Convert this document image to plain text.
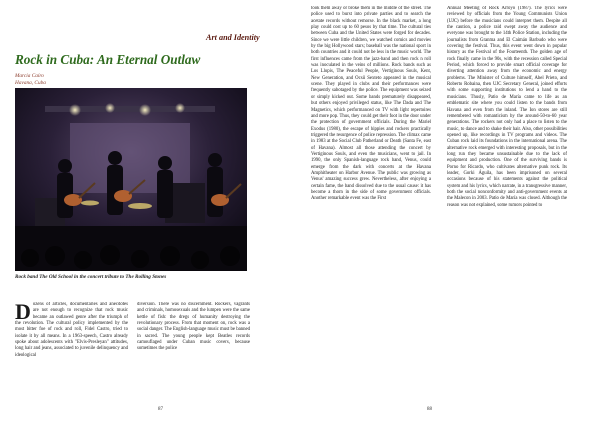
Art and Identity
Rock in Cuba: An Eternal Outlaw
Marcia Caíro
Havana, Cuba
Rock band The Old School in the concert tribute to The Rolling Stones
D ozens of articles, documentaries and anecdotes are not enough to recognize that rock music became an outlawed genre after the triumph of the revolution. The cultural policy implemented by the most bitter foe of rock and roll, Fidel Castro, tried to isolate it by all means. In a 1963-speech, Castro already spoke about adolescents with "Elvis-Presleyan" attitudes, long hair and jeans, associated to juvenile delinquency and ideological

diversion. There was no discernment. Rockers, vagrants and criminals, homosexuals and the lumpen were the same kettle of fish: the dregs of humanity destroying the revolutionary process. From that moment on, rock was a social danger. The English-language music must be banned in sacred. The young people kept Beatles records camouflaged under Cuban music covers, because sometimes the police

87

took them away or broke them in the middle of the street. The police used to burst into private parties and to search the acetate records without remorse. In the black market, a long play could cost up to 60 pesos by that time. The cultural ties between Cuba and the United States were forged for decades. Since we were little children, we watched comics and movies by the big Hollywood stars; baseball was the national sport in both countries and it could not be less in the music world. The first influences came from the jazz-band and then rock n roll was inoculated in the veins of millions. Rock bands such as Los Llopis, The Peaceful People, Vertiginous Souls, Kent, New Generation, and Ocsii Sexteto appeared in the musical scene. They played in clubs and their performances were frequently sabotaged by the police. The equipment was seized or simply kicked out. Some bands prematurely disappeared, but others enjoyed privileged status, like The Dada and The Magnetics, which performanced on TV with light repertoires and more pop. Thus, they could get their foot in the door under the protection of government officials. During the Mariel Exodus (1980), the escape of hippies and rockers practically triggered the resurgence of police repression. The climax came in 1983 at the Social Club Patherland or Death (Santa Fe, east of Havana). Almost all those attending the concert by Vertiginous Souls, and even the musicians, went to jail. In 1990, the only Spanish-language rock band, Venus, could emerge from the dark with concerts at the Havana Amphitheater on Harbor Avenue. The public was growing as Venus' amazing success grew. Nevertheless, after enjoying a certain fame, the band dissolved due to the usual cause: it has become a thorn in the side of some government officials. Another remarkable event was the First

Annual Meeting of Rock Arroyo (1987). The lyrics were reviewed by officials from the Young Communists Union (UJC) before the musicians could interpret them. Despite all the caution, a police raid swept away the audience and everyone was brought to the 14th Police Station, including the journalists from Granma and El Caimán Barbudo who were covering the festival. Thus, this event went down in popular history as the Festival of the Fourteenth. The golden age of rock finally came in the 90s, with the recession called Special Period, which forced to provide smart official coverage for diverting attention away from the economic and energy problems. The Minister of Culture himself, Abel Prieto, and Roberto Robaina, then UJC Secretary General, joined efforts with some supporting institutions to lend a hand to the musicians. Thusly, Patio de María came to life as an emblematic site where you could listen to the bands from Havana and even from the inland. The Ion stores are still remembered with romanticism by the around-50-to-60 year generations. The rockers not only had a place to listen to the music, to dance and to shake their hair. Also, other possibilities opened up, like recordings in TV programs and videos. The Cuban rock laid its foundations in the international arena. The alternative rock emerged with interesting proposals, but in the long run they became unsustainable due to the lack of equipment and production. One of the surviving bands is Porno for Ricardo, who cultivates alternative punk rock. Its leader, Gorki Águila, has been imprisoned on several occasions because of his statements against the political system and his lyrics, which narrate, in a transgressive manner, both the social nonconformity and anti-government events at the Malecon in 2003. Patio de María was closed. Although the reason was not explained, some rumors pointed to

88
